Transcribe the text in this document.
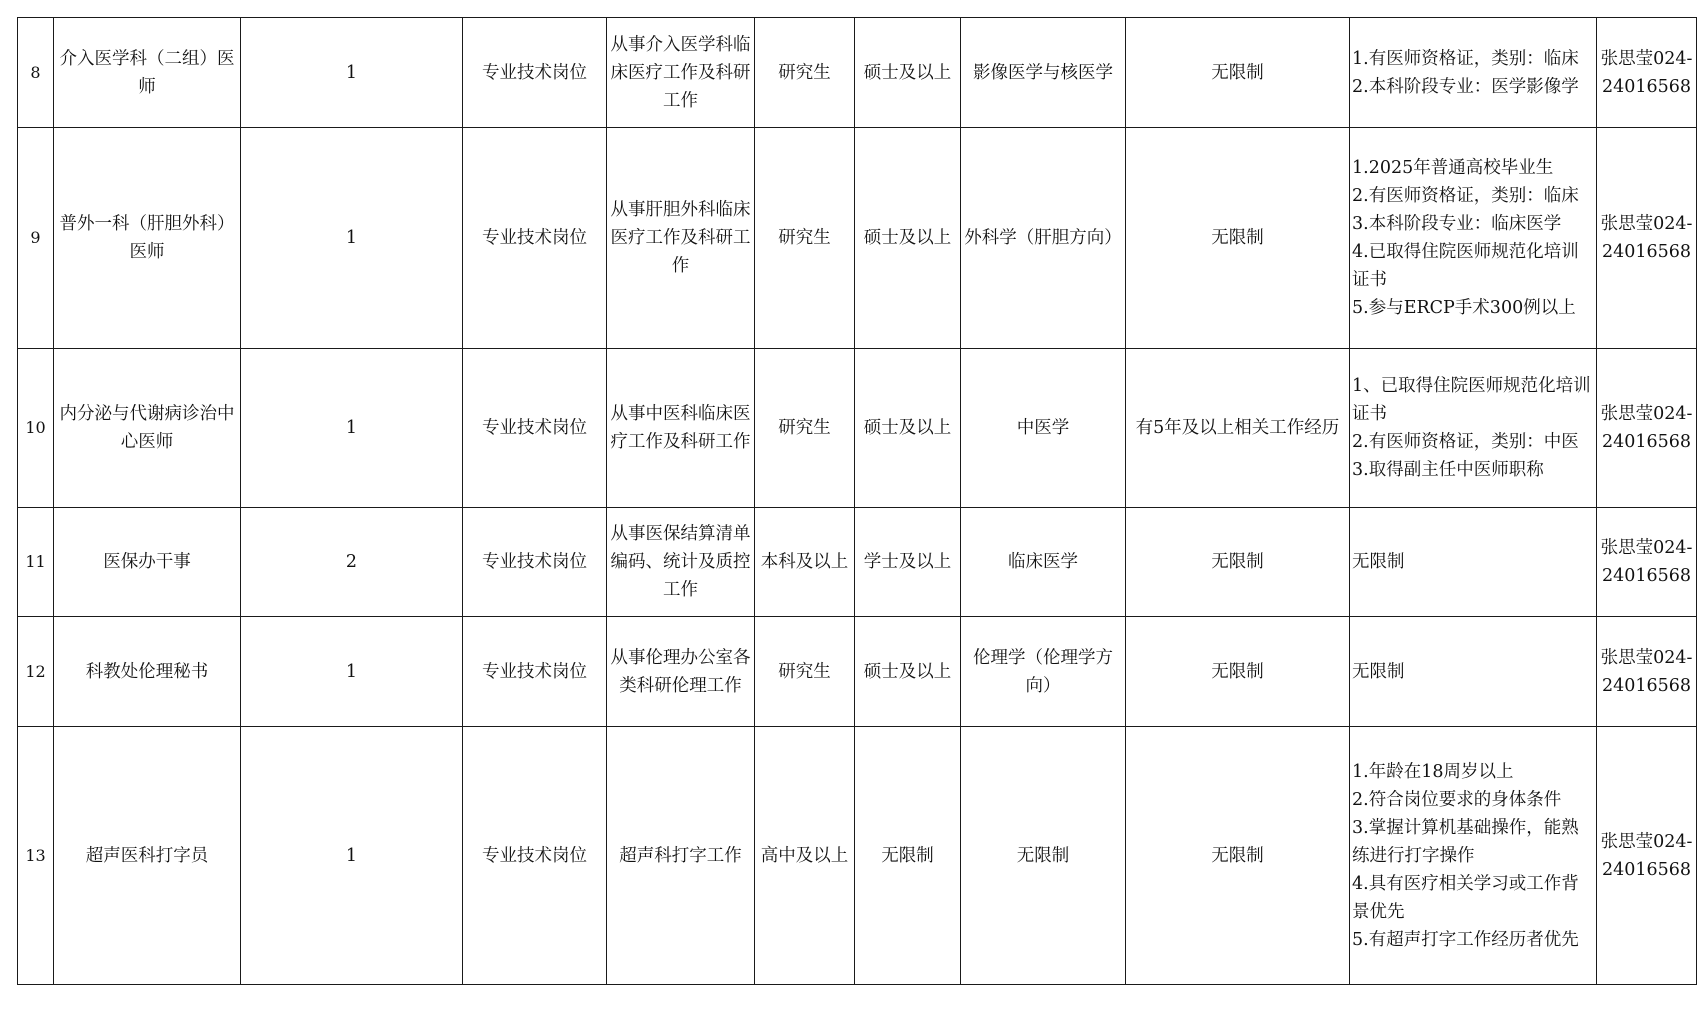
8	介入医学科（二组）医师	1	专业技术岗位	从事介入医学科临床医疗工作及科研工作	研究生	硕士及以上	影像医学与核医学	无限制	1.有医师资格证，类别：临床
2.本科阶段专业：医学影像学	张思莹024-24016568
9	普外一科（肝胆外科）医师	1	专业技术岗位	从事肝胆外科临床医疗工作及科研工作	研究生	硕士及以上	外科学（肝胆方向）	无限制	1.2025年普通高校毕业生
2.有医师资格证，类别：临床
3.本科阶段专业：临床医学
4.已取得住院医师规范化培训证书
5.参与ERCP手术300例以上	张思莹024-24016568
10	内分泌与代谢病诊治中心医师	1	专业技术岗位	从事中医科临床医疗工作及科研工作	研究生	硕士及以上	中医学	有5年及以上相关工作经历	1、已取得住院医师规范化培训证书
2.有医师资格证，类别：中医
3.取得副主任中医师职称	张思莹024-24016568
11	医保办干事	2	专业技术岗位	从事医保结算清单编码、统计及质控工作	本科及以上	学士及以上	临床医学	无限制	无限制	张思莹024-24016568
12	科教处伦理秘书	1	专业技术岗位	从事伦理办公室各类科研伦理工作	研究生	硕士及以上	伦理学（伦理学方向）	无限制	无限制	张思莹024-24016568
13	超声医科打字员	1	专业技术岗位	超声科打字工作	高中及以上	无限制	无限制	无限制	1.年龄在18周岁以上
2.符合岗位要求的身体条件
3.掌握计算机基础操作，能熟练进行打字操作
4.具有医疗相关学习或工作背景优先
5.有超声打字工作经历者优先	张思莹024-24016568
